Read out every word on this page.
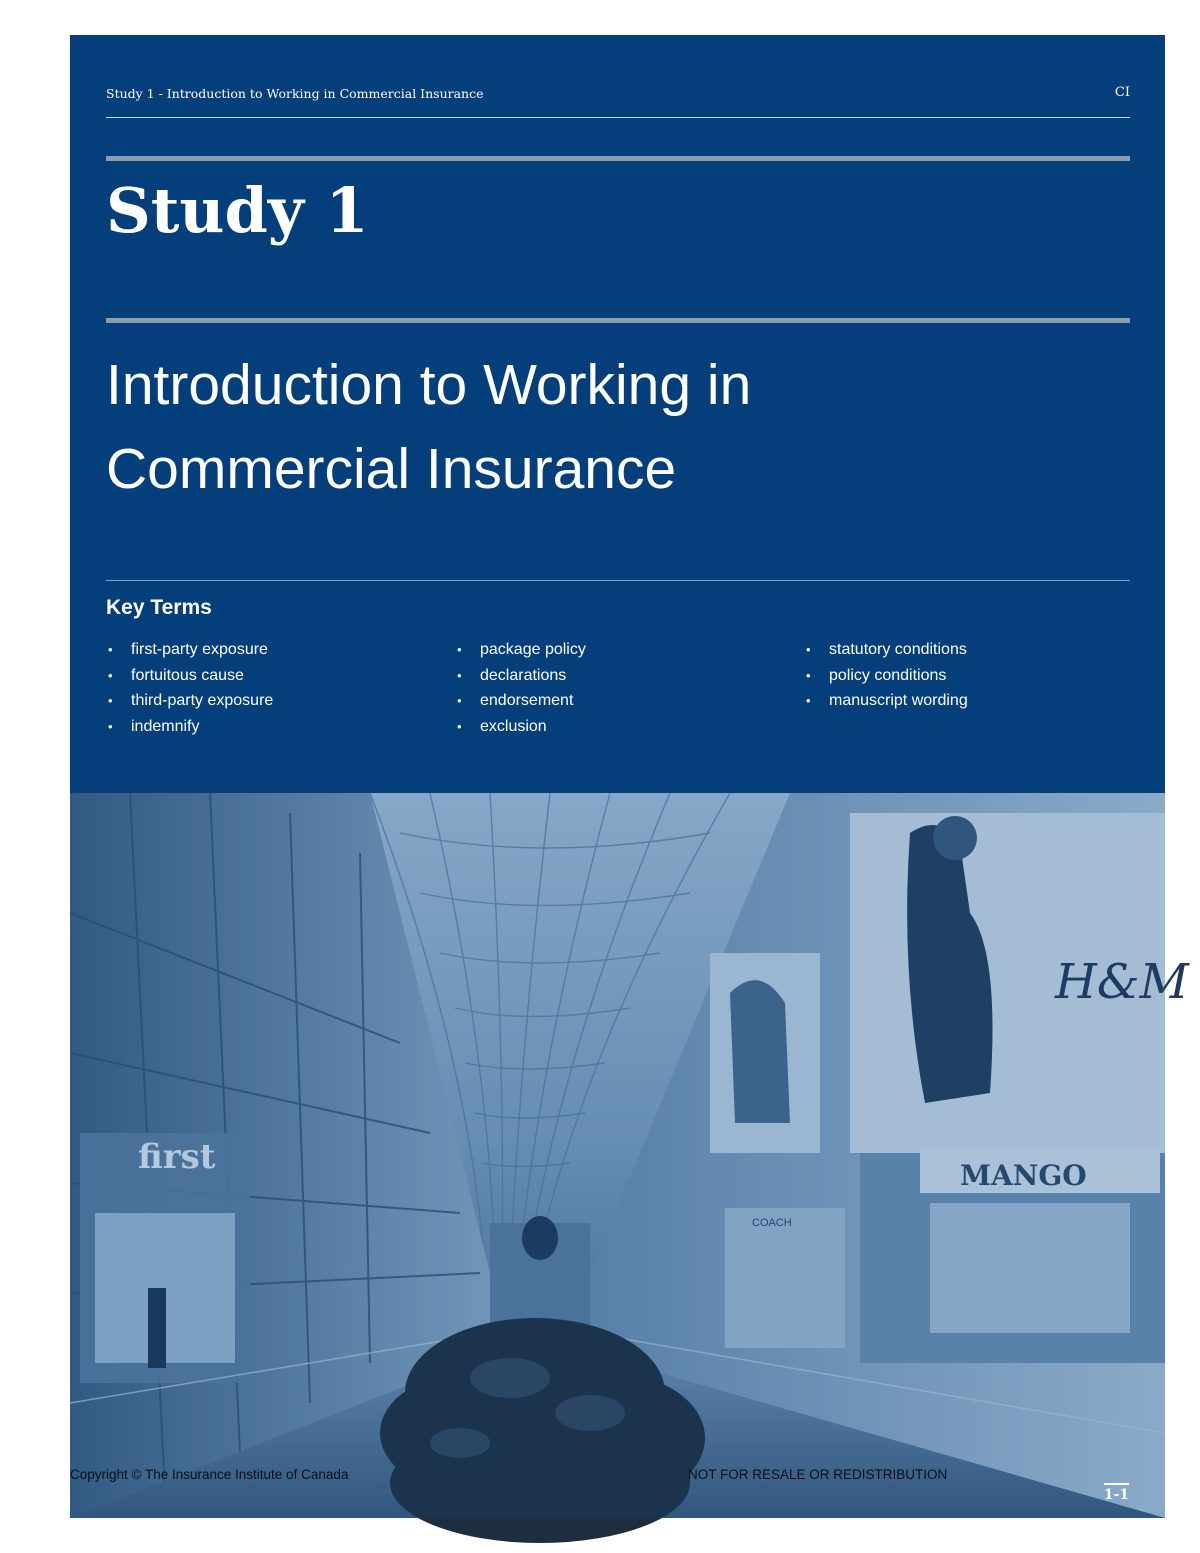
Study 1 - Introduction to Working in Commercial Insurance	CI
Study 1
Introduction to Working in
Commercial Insurance
Key Terms
• first-party exposure
• fortuitous cause
• third-party exposure
• indemnify
• package policy
• declarations
• endorsement
• exclusion
• statutory conditions
• policy conditions
• manuscript wording
first
H&M
MANGO
COACH
1-1
Copyright © The Insurance Institute of Canada	NOT FOR RESALE OR REDISTRIBUTION
